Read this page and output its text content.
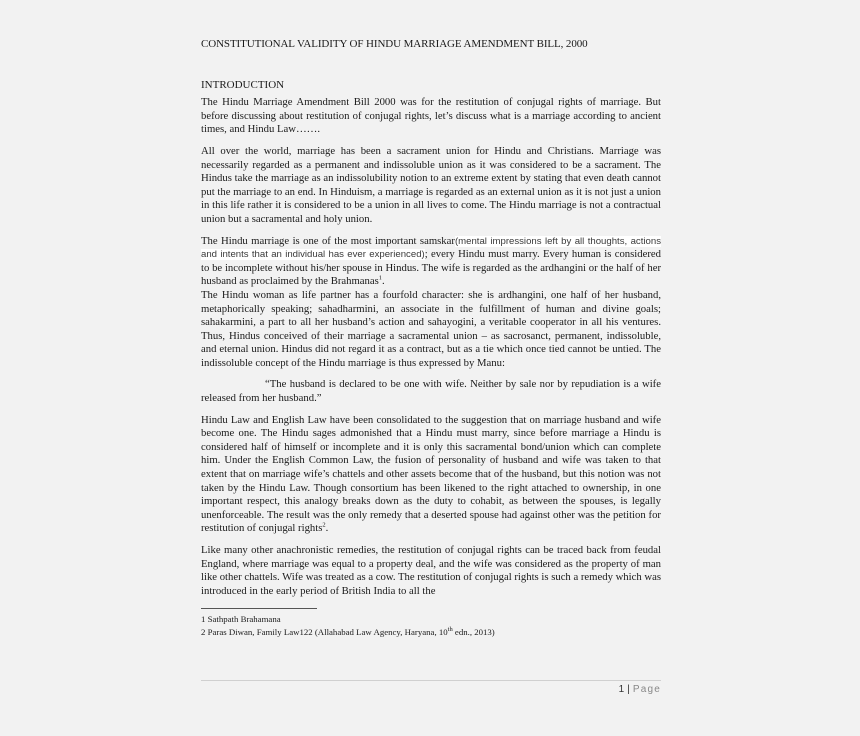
CONSTITUTIONAL VALIDITY OF HINDU MARRIAGE AMENDMENT BILL, 2000
INTRODUCTION

The Hindu Marriage Amendment Bill 2000 was for the restitution of conjugal rights of marriage. But before discussing about restitution of conjugal rights, let’s discuss what is a marriage according to ancient times, and Hindu Law…….

All over the world, marriage has been a sacrament union for Hindu and Christians. Marriage was necessarily regarded as a permanent and indissoluble union as it was considered to be a sacrament. The Hindus take the marriage as an indissolubility notion to an extreme extent by stating that even death cannot put the marriage to an end. In Hinduism, a marriage is regarded as an external union as it is not just a union in this life rather it is considered to be a union in all lives to come. The Hindu marriage is not a contractual union but a sacramental and holy union.

The Hindu marriage is one of the most important samskar(mental impressions left by all thoughts, actions and intents that an individual has ever experienced); every Hindu must marry. Every human is considered to be incomplete without his/her spouse in Hindus. The wife is regarded as the ardhangini or the half of her husband as proclaimed by the Brahmanas$^1$.

The Hindu woman as life partner has a fourfold character: she is ardhangini, one half of her husband, metaphorically speaking; sahadharmini, an associate in the fulfillment of human and divine goals; sahakarmini, a part to all her husband’s action and sahayogini, a veritable cooperator in all his ventures. Thus, Hindus conceived of their marriage a sacramental union – as sacrosanct, permanent, indissoluble, and eternal union. Hindus did not regard it as a contract, but as a tie which once tied cannot be untied. The indissoluble concept of the Hindu marriage is thus expressed by Manu:

“The husband is declared to be one with wife. Neither by sale nor by repudiation is a wife released from her husband.”

Hindu Law and English Law have been consolidated to the suggestion that on marriage husband and wife become one. The Hindu sages admonished that a Hindu must marry, since before marriage a Hindu is considered half of himself or incomplete and it is only this sacramental bond/union which can complete him. Under the English Common Law, the fusion of personality of husband and wife was taken to that extent that on marriage wife’s chattels and other assets become that of the husband, but this notion was not taken by the Hindu Law. Though consortium has been likened to the right attached to ownership, in one important respect, this analogy breaks down as the duty to cohabit, as between the spouses, is legally unenforceable. The result was the only remedy that a deserted spouse had against other was the petition for restitution of conjugal rights$^2$.

Like many other anachronistic remedies, the restitution of conjugal rights can be traced back from feudal England, where marriage was equal to a property deal, and the wife was considered as the property of man like other chattels. Wife was treated as a cow. The restitution of conjugal rights is such a remedy which was introduced in the early period of British India to all the

1 Sathpath Brahamana
2 Paras Diwan, Family Law122 (Allahabad Law Agency, Haryana, 10th edn., 2013)
1 | Page
